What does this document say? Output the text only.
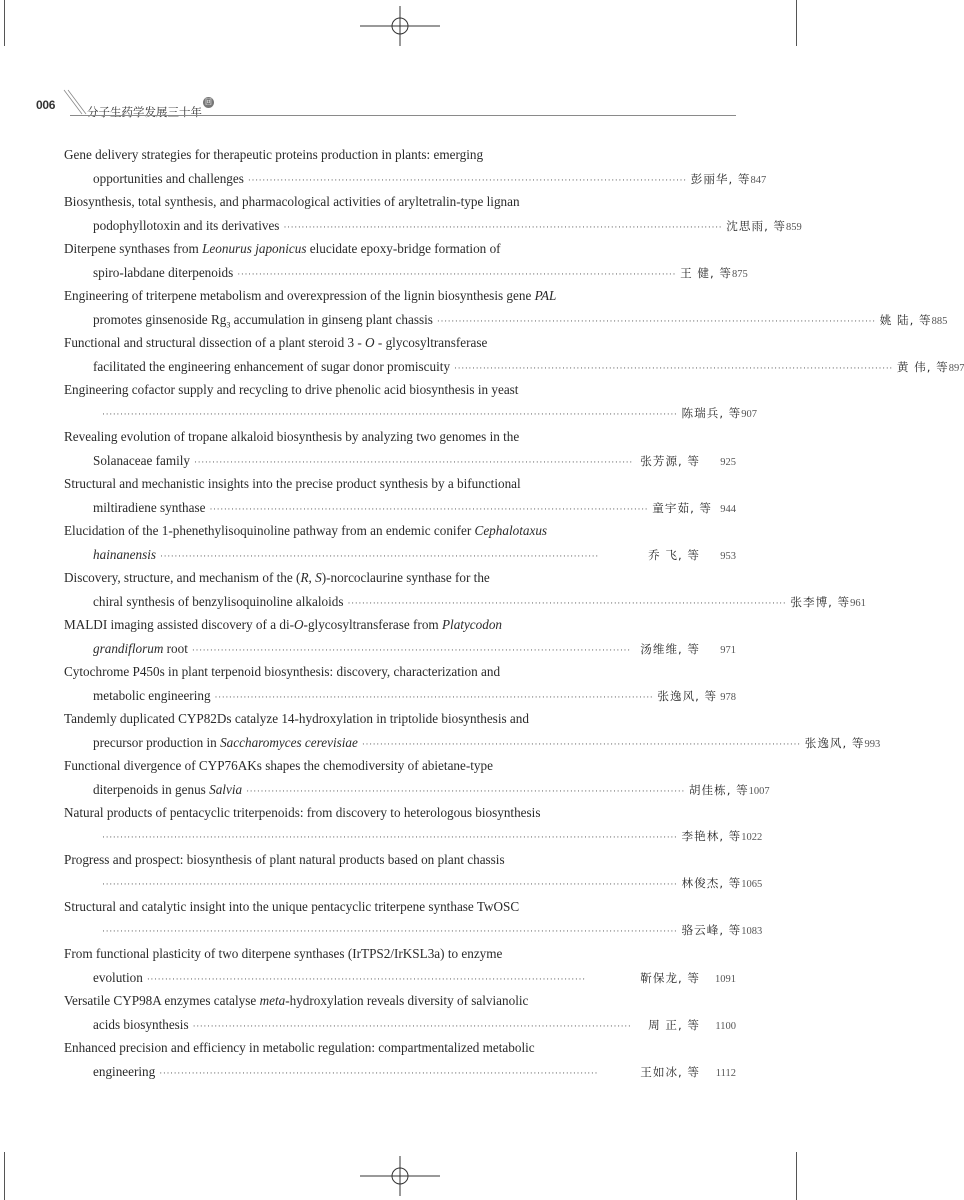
006	分子生药学发展三十年回顾
Gene delivery strategies for therapeutic proteins production in plants: emerging
opportunities and challenges ·························································································································· 彭丽华, 等 847
Biosynthesis, total synthesis, and pharmacological activities of aryltetralin-type lignan
podophyllotoxin and its derivatives ·························································································································· 沈思雨, 等 859
Diterpene synthases from Leonurus japonicus elucidate epoxy-bridge formation of
spiro-labdane diterpenoids ·························································································································· 王 健, 等 875
Engineering of triterpene metabolism and overexpression of the lignin biosynthesis gene PAL
promotes ginsenoside $Rg_3$ accumulation in ginseng plant chassis ·························································································································· 姚 陆, 等 885
Functional and structural dissection of a plant steroid 3 - O - glycosyltransferase
facilitated the engineering enhancement of sugar donor promiscuity ·························································································································· 黄 伟, 等 897
Engineering cofactor supply and recycling to drive phenolic acid biosynthesis in yeast
································································································································································ 陈瑞兵, 等 907
Revealing evolution of tropane alkaloid biosynthesis by analyzing two genomes in the
Solanaceae family ·························································································································· 张芳源, 等	925
Structural and mechanistic insights into the precise product synthesis by a bifunctional
miltiradiene synthase ·························································································································· 童宇茹, 等 944
Elucidation of the 1-phenethylisoquinoline pathway from an endemic conifer Cephalotaxus
hainanensis ··························································································································	乔 飞, 等	953
Discovery, structure, and mechanism of the (R, S)-norcoclaurine synthase for the
chiral synthesis of benzylisoquinoline alkaloids ·························································································································· 张李博, 等 961
MALDI imaging assisted discovery of a di-O-glycosyltransferase from Platycodon
grandiflorum root ·························································································································· 汤维维, 等	971
Cytochrome P450s in plant terpenoid biosynthesis: discovery, characterization and
metabolic engineering ·························································································································· 张逸风, 等 978
Tandemly duplicated CYP82Ds catalyze 14-hydroxylation in triptolide biosynthesis and
precursor production in Saccharomyces cerevisiae ·························································································································· 张逸风, 等 993
Functional divergence of CYP76AKs shapes the chemodiversity of abietane-type
diterpenoids in genus Salvia ·························································································································· 胡佳栋, 等 1007
Natural products of pentacyclic triterpenoids: from discovery to heterologous biosynthesis
································································································································································ 李艳林, 等 1022
Progress and prospect: biosynthesis of plant natural products based on plant chassis
································································································································································ 林俊杰, 等 1065
Structural and catalytic insight into the unique pentacyclic triterpene synthase TwOSC
································································································································································ 骆云峰, 等 1083
From functional plasticity of two diterpene synthases (IrTPS2/IrKSL3a) to enzyme
evolution ··························································································································	靳保龙, 等	1091
Versatile CYP98A enzymes catalyse meta-hydroxylation reveals diversity of salvianolic
acids biosynthesis ··························································································································	周 正, 等	1100
Enhanced precision and efficiency in metabolic regulation: compartmentalized metabolic
engineering ··························································································································	王如冰, 等	1112
